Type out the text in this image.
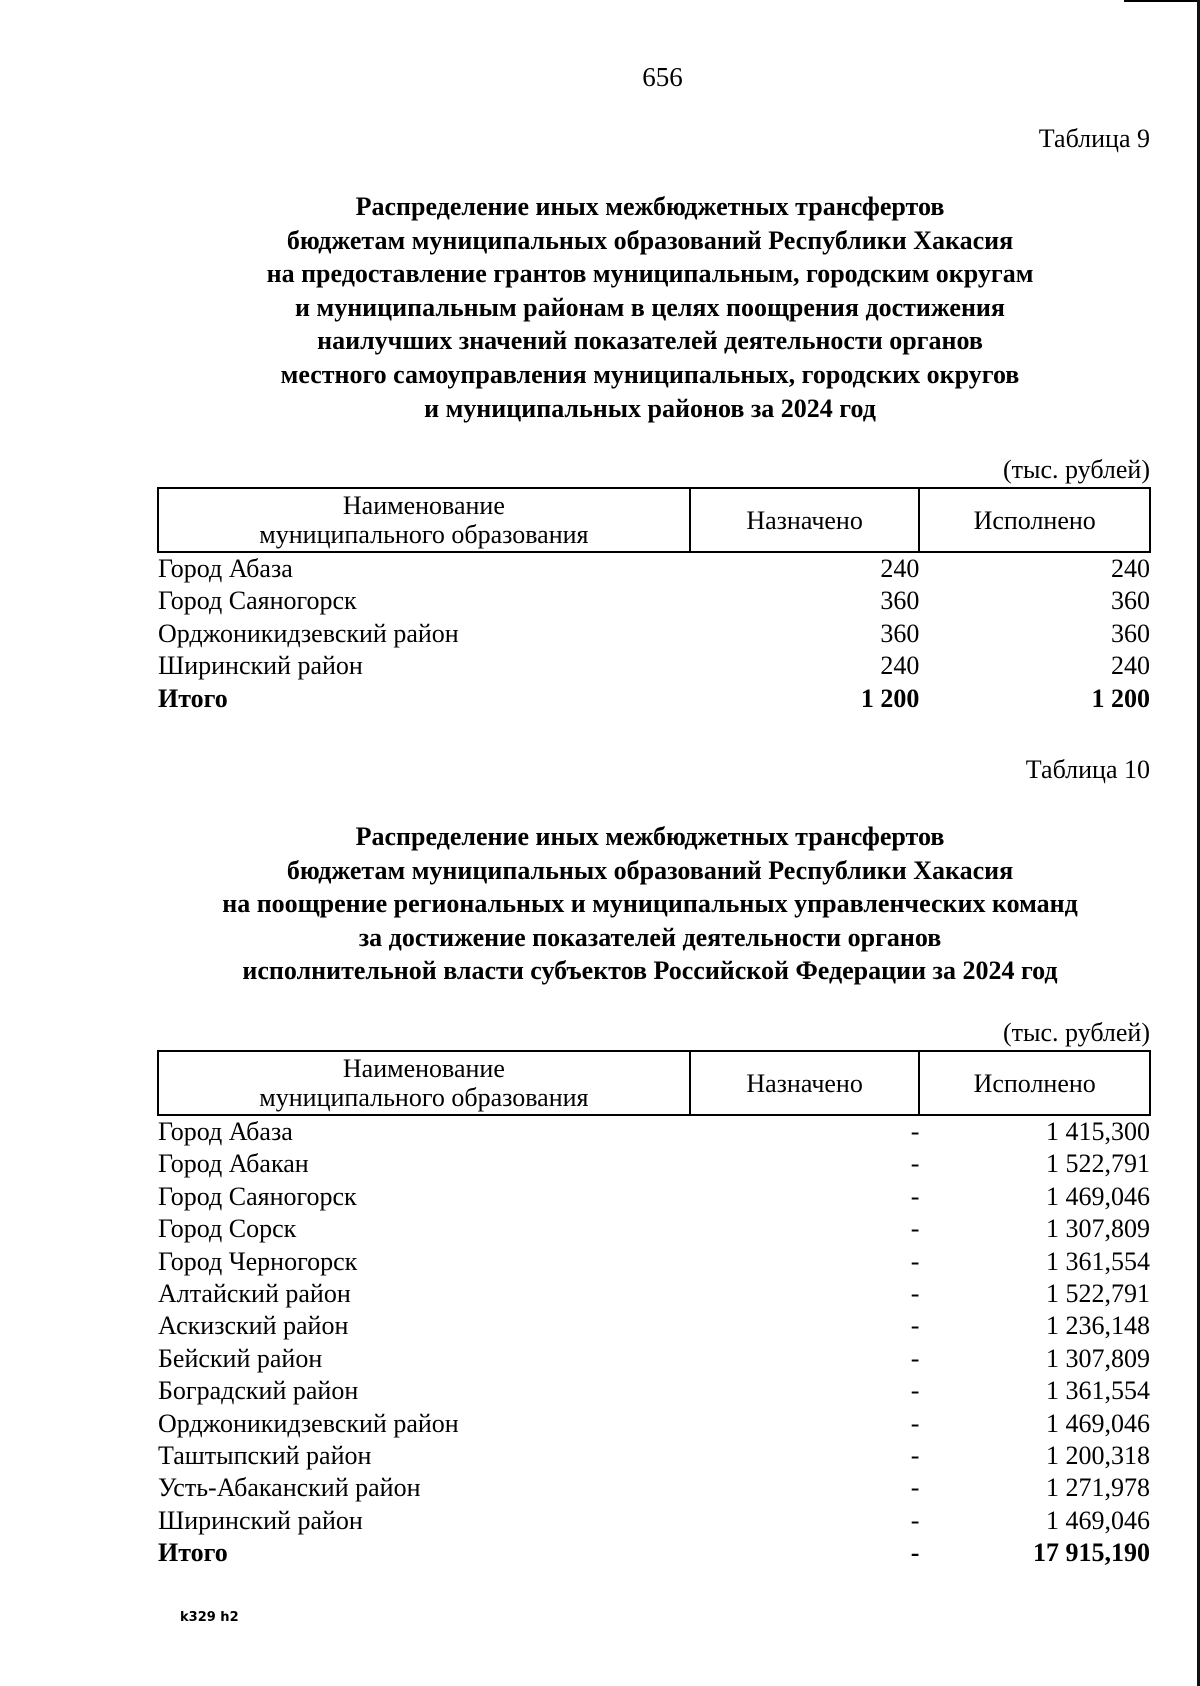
656
Таблица 9
Распределение иных межбюджетных трансфертов
бюджетам муниципальных образований Республики Хакасия
на предоставление грантов муниципальным, городским округам
и муниципальным районам в целях поощрения достижения
наилучших значений показателей деятельности органов
местного самоуправления муниципальных, городских округов
и муниципальных районов за 2024 год
(тыс. рублей)
Наименование
муниципального образования	Назначено	Исполнено
Город Абаза	240	240
Город Саяногорск	360	360
Орджоникидзевский район	360	360
Ширинский район	240	240
Итого	1 200	1 200
Таблица 10
Распределение иных межбюджетных трансфертов
бюджетам муниципальных образований Республики Хакасия
на поощрение региональных и муниципальных управленческих команд
за достижение показателей деятельности органов
исполнительной власти субъектов Российской Федерации за 2024 год
(тыс. рублей)
Наименование
муниципального образования	Назначено	Исполнено
Город Абаза	-	1 415,300
Город Абакан	-	1 522,791
Город Саяногорск	-	1 469,046
Город Сорск	-	1 307,809
Город Черногорск	-	1 361,554
Алтайский район	-	1 522,791
Аскизский район	-	1 236,148
Бейский район	-	1 307,809
Боградский район	-	1 361,554
Орджоникидзевский район	-	1 469,046
Таштыпский район	-	1 200,318
Усть-Абаканский район	-	1 271,978
Ширинский район	-	1 469,046
Итого	-	17 915,190
k329 h2
